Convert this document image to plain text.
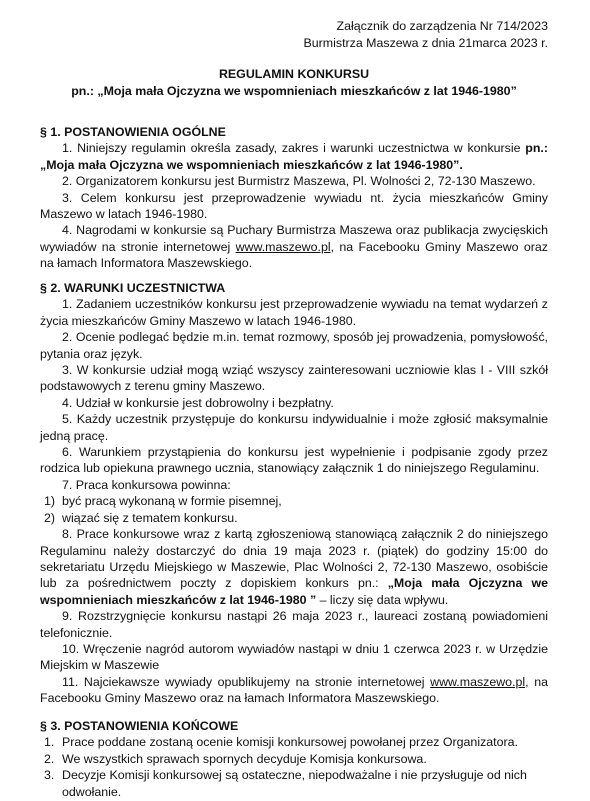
Załącznik do zarządzenia Nr 714/2023
Burmistrza Maszewa z dnia 21marca 2023 r.
REGULAMIN KONKURSU
pn.: „Moja mała Ojczyzna we wspomnieniach mieszkańców z lat 1946-1980”

§ 1. POSTANOWIENIA OGÓLNE

1. Niniejszy regulamin określa zasady, zakres i warunki uczestnictwa w konkursie pn.: „Moja mała Ojczyzna we wspomnieniach mieszkańców z lat 1946-1980”.

2. Organizatorem konkursu jest Burmistrz Maszewa, Pl. Wolności 2, 72-130 Maszewo.

3. Celem konkursu jest przeprowadzenie wywiadu nt. życia mieszkańców Gminy Maszewo w latach 1946-1980.

4. Nagrodami w konkursie są Puchary Burmistrza Maszewa oraz publikacja zwycięskich wywiadów na stronie internetowej www.maszewo.pl, na Facebooku Gminy Maszewo oraz na łamach Informatora Maszewskiego.

§ 2. WARUNKI UCZESTNICTWA

1. Zadaniem uczestników konkursu jest przeprowadzenie wywiadu na temat wydarzeń z życia mieszkańców Gminy Maszewo w latach 1946-1980.

2. Ocenie podlegać będzie m.in. temat rozmowy, sposób jej prowadzenia, pomysłowość, pytania oraz język.

3. W konkursie udział mogą wziąć wszyscy zainteresowani uczniowie klas I - VIII szkół podstawowych z terenu gminy Maszewo.

4. Udział w konkursie jest dobrowolny i bezpłatny.

5. Każdy uczestnik przystępuje do konkursu indywidualnie i może zgłosić maksymalnie jedną pracę.

6. Warunkiem przystąpienia do konkursu jest wypełnienie i podpisanie zgody przez rodzica lub opiekuna prawnego ucznia, stanowiący załącznik 1 do niniejszego Regulaminu.

7. Praca konkursowa powinna:

1) być pracą wykonaną w formie pisemnej,

2) wiązać się z tematem konkursu.

8. Prace konkursowe wraz z kartą zgłoszeniową stanowiącą załącznik 2 do niniejszego Regulaminu należy dostarczyć do dnia 19 maja 2023 r. (piątek) do godziny 15:00 do sekretariatu Urzędu Miejskiego w Maszewie, Plac Wolności 2, 72-130 Maszewo, osobiście lub za pośrednictwem poczty z dopiskiem konkurs pn.: „Moja mała Ojczyzna we wspomnieniach mieszkańców z lat 1946-1980 ” – liczy się data wpływu.

9. Rozstrzygnięcie konkursu nastąpi 26 maja 2023 r., laureaci zostaną powiadomieni telefonicznie.

10. Wręczenie nagród autorom wywiadów nastąpi w dniu 1 czerwca 2023 r. w Urzędzie Miejskim w Maszewie

11. Najciekawsze wywiady opublikujemy na stronie internetowej www.maszewo.pl, na Facebooku Gminy Maszewo oraz na łamach Informatora Maszewskiego.

§ 3. POSTANOWIENIA KOŃCOWE

1. Prace poddane zostaną ocenie komisji konkursowej powołanej przez Organizatora.

2. We wszystkich sprawach spornych decyduje Komisja konkursowa.

3. Decyzje Komisji konkursowej są ostateczne, niepodważalne i nie przysługuje od nich odwołanie.
